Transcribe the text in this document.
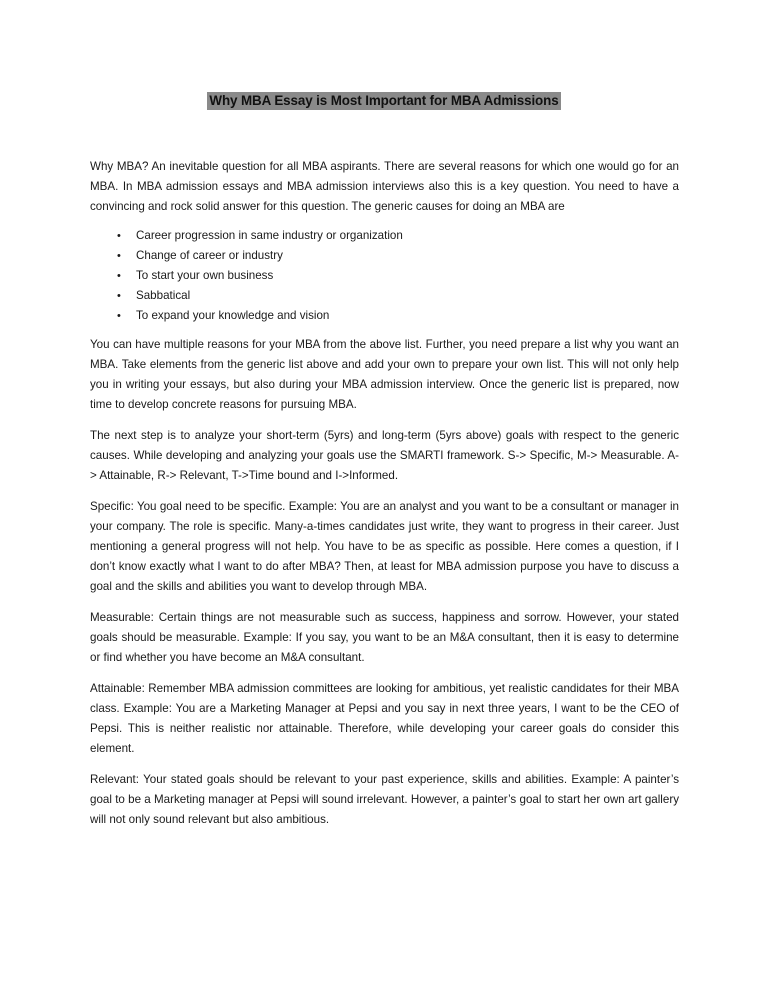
Why MBA Essay is Most Important for MBA Admissions

Why MBA? An inevitable question for all MBA aspirants. There are several reasons for which one would go for an MBA. In MBA admission essays and MBA admission interviews also this is a key question. You need to have a convincing and rock solid answer for this question. The generic causes for doing an MBA are

• Career progression in same industry or organization
• Change of career or industry
• To start your own business
• Sabbatical
• To expand your knowledge and vision

You can have multiple reasons for your MBA from the above list. Further, you need prepare a list why you want an MBA. Take elements from the generic list above and add your own to prepare your own list. This will not only help you in writing your essays, but also during your MBA admission interview. Once the generic list is prepared, now time to develop concrete reasons for pursuing MBA.

The next step is to analyze your short-term (5yrs) and long-term (5yrs above) goals with respect to the generic causes. While developing and analyzing your goals use the SMARTI framework. S-> Specific, M-> Measurable. A-> Attainable, R-> Relevant, T->Time bound and I->Informed.

Specific: You goal need to be specific. Example: You are an analyst and you want to be a consultant or manager in your company. The role is specific. Many-a-times candidates just write, they want to progress in their career. Just mentioning a general progress will not help. You have to be as specific as possible. Here comes a question, if I don’t know exactly what I want to do after MBA? Then, at least for MBA admission purpose you have to discuss a goal and the skills and abilities you want to develop through MBA.

Measurable: Certain things are not measurable such as success, happiness and sorrow. However, your stated goals should be measurable. Example: If you say, you want to be an M&A consultant, then it is easy to determine or find whether you have become an M&A consultant.

Attainable: Remember MBA admission committees are looking for ambitious, yet realistic candidates for their MBA class. Example: You are a Marketing Manager at Pepsi and you say in next three years, I want to be the CEO of Pepsi. This is neither realistic nor attainable. Therefore, while developing your career goals do consider this element.

Relevant: Your stated goals should be relevant to your past experience, skills and abilities. Example: A painter’s goal to be a Marketing manager at Pepsi will sound irrelevant. However, a painter’s goal to start her own art gallery will not only sound relevant but also ambitious.
